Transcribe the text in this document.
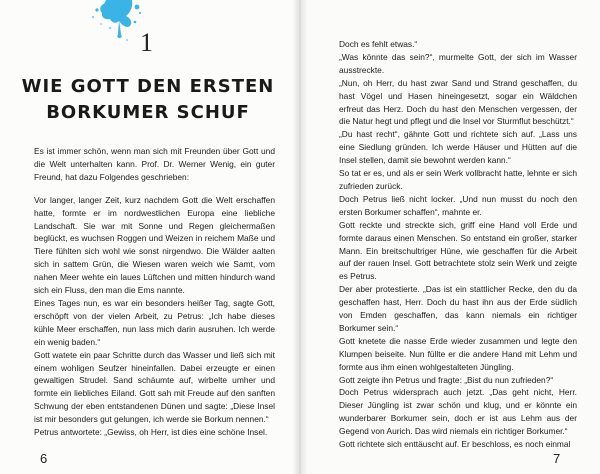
1
WIE GOTT DEN ERSTEN
BORKUMER SCHUF

Es ist immer schön, wenn man sich mit Freunden über Gott und die Welt unterhalten kann. Prof. Dr. Werner Wenig, ein guter Freund, hat dazu Folgendes geschrieben:

Vor langer, langer Zeit, kurz nachdem Gott die Welt erschaffen hatte, formte er im nordwestlichen Europa eine liebliche Landschaft. Sie war mit Sonne und Regen gleichermaßen beglückt, es wuchsen Roggen und Weizen in reichem Maße und Tiere fühlten sich wohl wie sonst nirgendwo. Die Wälder aalten sich in sattem Grün, die Wiesen waren weich wie Samt, vom nahen Meer wehte ein laues Lüftchen und mitten hindurch wand sich ein Fluss, den man die Ems nannte.

Eines Tages nun, es war ein besonders heißer Tag, sagte Gott, erschöpft von der vielen Arbeit, zu Petrus: „Ich habe dieses kühle Meer erschaffen, nun lass mich darin ausruhen. Ich werde ein wenig baden.“

Gott watete ein paar Schritte durch das Wasser und ließ sich mit einem wohligen Seufzer hineinfallen. Dabei erzeugte er einen gewaltigen Strudel. Sand schäumte auf, wirbelte umher und formte ein liebliches Eiland. Gott sah mit Freude auf den sanften Schwung der eben entstandenen Dünen und sagte: „Diese Insel ist mir besonders gut gelungen, ich werde sie Borkum nennen.“

Petrus antwortete: „Gewiss, oh Herr, ist dies eine schöne Insel.

6

Doch es fehlt etwas.“

„Was könnte das sein?“, murmelte Gott, der sich im Wasser ausstreckte.

„Nun, oh Herr, du hast zwar Sand und Strand geschaffen, du hast Vögel und Hasen hineingesetzt, sogar ein Wäldchen erfreut das Herz. Doch du hast den Menschen vergessen, der die Natur hegt und pflegt und die Insel vor Sturmflut beschützt.“

„Du hast recht“, gähnte Gott und richtete sich auf. „Lass uns eine Siedlung gründen. Ich werde Häuser und Hütten auf die Insel stellen, damit sie bewohnt werden kann.“

So tat er es, und als er sein Werk vollbracht hatte, lehnte er sich zufrieden zurück.

Doch Petrus ließ nicht locker. „Und nun musst du noch den ersten Borkumer schaffen“, mahnte er.

Gott reckte und streckte sich, griff eine Hand voll Erde und formte daraus einen Menschen. So entstand ein großer, starker Mann. Ein breitschultriger Hüne, wie geschaffen für die Arbeit auf der rauen Insel. Gott betrachtete stolz sein Werk und zeigte es Petrus.

Der aber protestierte. „Das ist ein stattlicher Recke, den du da geschaffen hast, Herr. Doch du hast ihn aus der Erde südlich von Emden geschaffen, das kann niemals ein richtiger Borkumer sein.“

Gott knetete die nasse Erde wieder zusammen und legte den Klumpen beiseite. Nun füllte er die andere Hand mit Lehm und formte aus ihm einen wohlgestalteten Jüngling.

Gott zeigte ihn Petrus und fragte: „Bist du nun zufrieden?“

Doch Petrus widersprach auch jetzt. „Das geht nicht, Herr. Dieser Jüngling ist zwar schön und klug, und er könnte ein wunderbarer Borkumer sein, doch er ist aus Lehm aus der Gegend von Aurich. Das wird niemals ein richtiger Borkumer.“

Gott richtete sich enttäuscht auf. Er beschloss, es noch einmal

7
